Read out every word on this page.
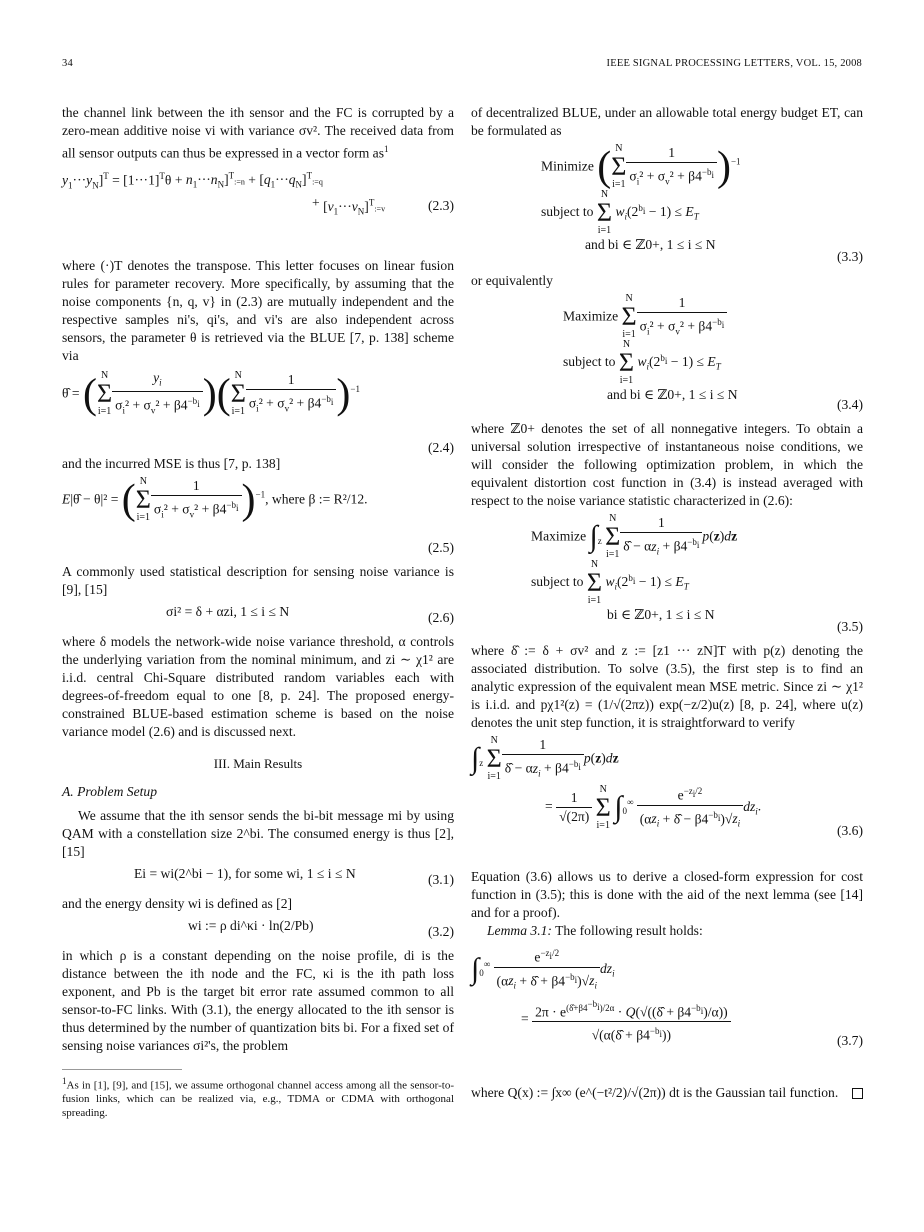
34	IEEE SIGNAL PROCESSING LETTERS, VOL. 15, 2008

the channel link between the ith sensor and the FC is corrupted by a zero-mean additive noise vi with variance σv². The received data from all sensor outputs can thus be expressed in a vector form $as^1$

$y_1\cdot\cdot\cdot y_N]^T = [1\cdot\cdot\cdot 1]^T\theta$ + $n_1\cdot\cdot\cdot n_N]^T:=n$ + $[q_1\cdot\cdot\cdot q_N]^T:=q$
+ $[v_1\cdot\cdot\cdot v_N]^T:=v$	(2.3)

where (·)T denotes the transpose. This letter focuses on linear fusion rules for parameter recovery. More specifically, by assuming that the noise components {n, q, v} in (2.3) are mutually independent and the respective samples ni's, qi's, and vi's are also independent across sensors, the parameter θ is retrieved via the BLUE [7, p. 138] scheme via

θ̂ = ( N
Σ
$i=1 \frac{y_i}{\sigma_i^2 + \sigma_v^2 + \beta 4^{-b_i}}$ )( N
Σ
$i=1 \frac{1}{\sigma_i^2 + \sigma_v^2 + \beta 4^{-b_i}} )^{-1}$
(2.4)

and the incurred MSE is thus [7, p. 138]

E|θ̂ − θ|² = ( N
Σ
$i=1 \frac{1}{\sigma_i^2 + \sigma_v^2 + \beta 4^{-b_i}} )^{-1}$, where β := R²/12.
(2.5)

A commonly used statistical description for sensing noise variance is [9], [15]

σi² = δ + αzi, 1 ≤ i ≤ N	(2.6)

where δ models the network-wide noise variance threshold, α controls the underlying variation from the nominal minimum, and zi ∼ χ1² are i.i.d. central Chi-Square distributed random variables each with degrees-of-freedom equal to one [8, p. 24]. The proposed energy-constrained BLUE-based estimation scheme is based on the noise variance model (2.6) and is discussed next.

III. Main Results
A. Problem Setup

We assume that the ith sensor sends the bi-bit message mi by using QAM with a constellation size 2^bi. The consumed energy is thus [2], [15]

Ei = wi(2^bi − 1), for some wi, 1 ≤ i ≤ N	(3.1)

and the energy density wi is defined as [2]

wi := ρ di^κi · ln(2/Pb)	(3.2)

in which ρ is a constant depending on the noise profile, di is the distance between the ith node and the FC, κi is the ith path loss exponent, and Pb is the target bit error rate assumed common to all sensor-to-FC links. With (3.1), the energy allocated to the ith sensor is thus determined by the number of quantization bits bi. For a fixed set of sensing noise variances σi²'s, the problem

$^1$As in [1], [9], and [15], we assume orthogonal channel access among all the sensor-to-fusion links, which can be realized via, e.g., TDMA or CDMA with orthogonal spreading.

of decentralized BLUE, under an allowable total energy budget ET, can be formulated as

Minimize ( N
Σ
$i=1 \frac{1}{\sigma_i^2 + \sigma_v^2 + \beta 4^{-b_i}} )^{-1}$
subject to N
Σ
i=1 $w_i(2^{b_i} - 1) \le E_T$
and bi ∈ ℤ0+, 1 ≤ i ≤ N
(3.3)

or equivalently

Maximize N
Σ
$i=1 \frac{1}{\sigma_i^2 + \sigma_v^2 + \beta 4^{-b_i}}$
subject to N
Σ
i=1 $w_i(2^{b_i} - 1) \le E_T$
and bi ∈ ℤ0+, 1 ≤ i ≤ N
(3.4)

where ℤ0+ denotes the set of all nonnegative integers. To obtain a universal solution irrespective of instantaneous noise conditions, we will consider the following optimization problem, in which the equivalent distortion cost function in (3.4) is instead averaged with respect to the noise variance statistic characterized in (2.6):

Maximize $\int_z$ N
Σ
$i=1 \frac{1}{\deltâ - \alpha z_i + \beta 4^{-b_i}} p(z)dz$
subject to N
Σ
i=1 $w_i(2^{b_i} - 1) \le E_T$
bi ∈ ℤ0+, 1 ≤ i ≤ N
(3.5)

where δ̂ := δ + σv² and z := [z1 ··· zN]T with p(z) denoting the associated distribution. To solve (3.5), the first step is to find an analytic expression of the equivalent mean MSE metric. Since zi ∼ χ1² is i.i.d. and pχ1²(z) = (1/√(2πz)) exp(−z/2)u(z) [8, p. 24], where u(z) denotes the unit step function, it is straightforward to verify

$\int_z$ N
Σ
$i=1 \frac{1}{\deltâ - \alpha z_i + \beta 4^{-b_i}} p(z)dz$
= $\frac{1}{√(2\pi)}$ N
Σ
i=1 $\int_0^\infty \frac{e^{-z_i/2}}{(\alpha z_i + \deltâ - \beta 4^{-b_i})√z_i} dz_i$.
(3.6)

Equation (3.6) allows us to derive a closed-form expression for cost function in (3.5); this is done with the aid of the next lemma (see [14] and for a proof).

Lemma 3.1: The following result holds:

$\int_0^\infty \frac{e^{-z_i/2}}{(\alpha z_i + \deltâ + \beta 4^{-b_i})√z_i} dz_i$
= $\frac{2\pi \cdot e^{(\deltâ+\beta 4^{-b_i})/2\alpha} \cdot Q(√((\deltâ + \beta 4^{-b_i})/\alpha))}{√(\alpha(\deltâ + \beta 4^{-b_i}))}$	(3.7)

where Q(x) := ∫x∞ (e^(−t²/2)/√(2π)) dt is the Gaussian tail function.
